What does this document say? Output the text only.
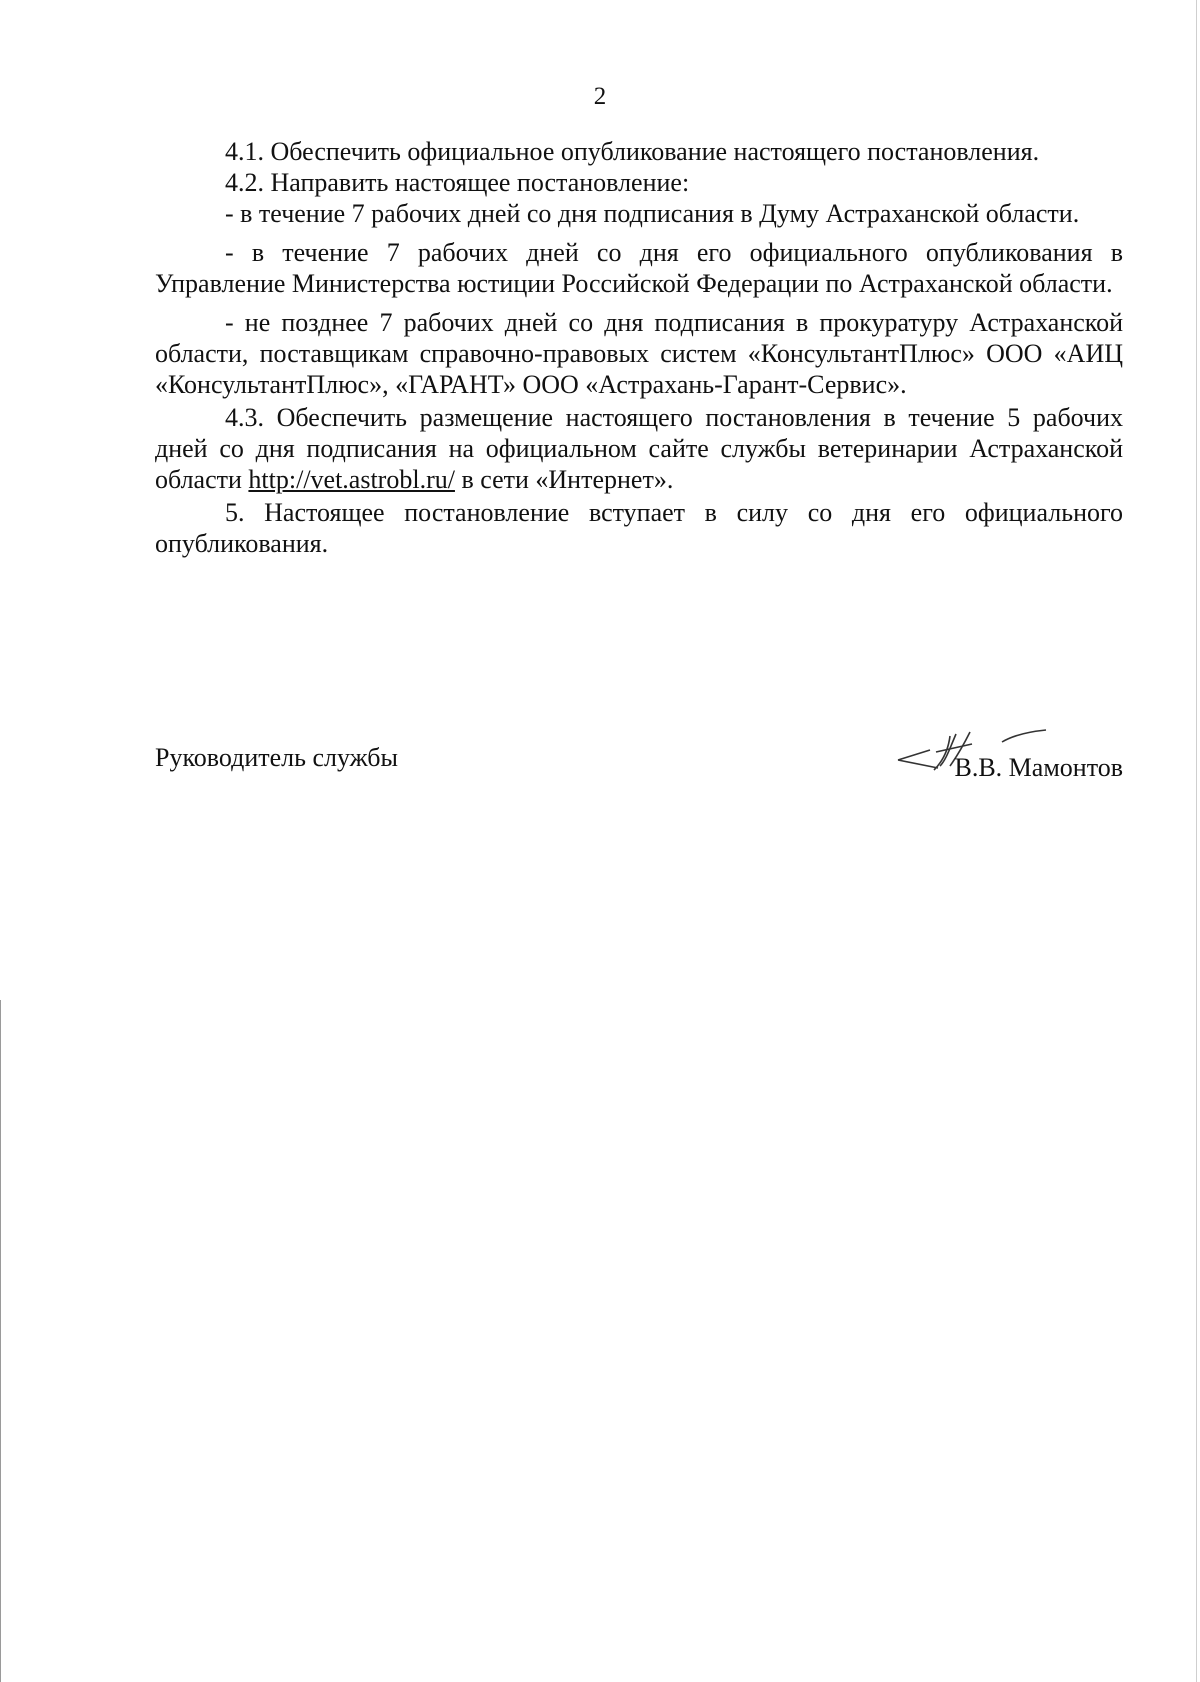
2

4.1. Обеспечить официальное опубликование настоящего постановления.

4.2. Направить настоящее постановление:

- в течение 7 рабочих дней со дня подписания в Думу Астраханской области.

- в течение 7 рабочих дней со дня его официального опубликования в Управление Министерства юстиции Российской Федерации по Астраханской области.

- не позднее 7 рабочих дней со дня подписания в прокуратуру Астраханской области, поставщикам справочно-правовых систем «КонсультантПлюс» ООО «АИЦ «КонсультантПлюс», «ГАРАНТ» ООО «Астрахань-Гарант-Сервис».

4.3. Обеспечить размещение настоящего постановления в течение 5 рабочих дней со дня подписания на официальном сайте службы ветеринарии Астраханской области http://vet.astrobl.ru/ в сети «Интернет».

5. Настоящее постановление вступает в силу со дня его официального опубликования.

Руководитель службы	В.В. Мамонтов
